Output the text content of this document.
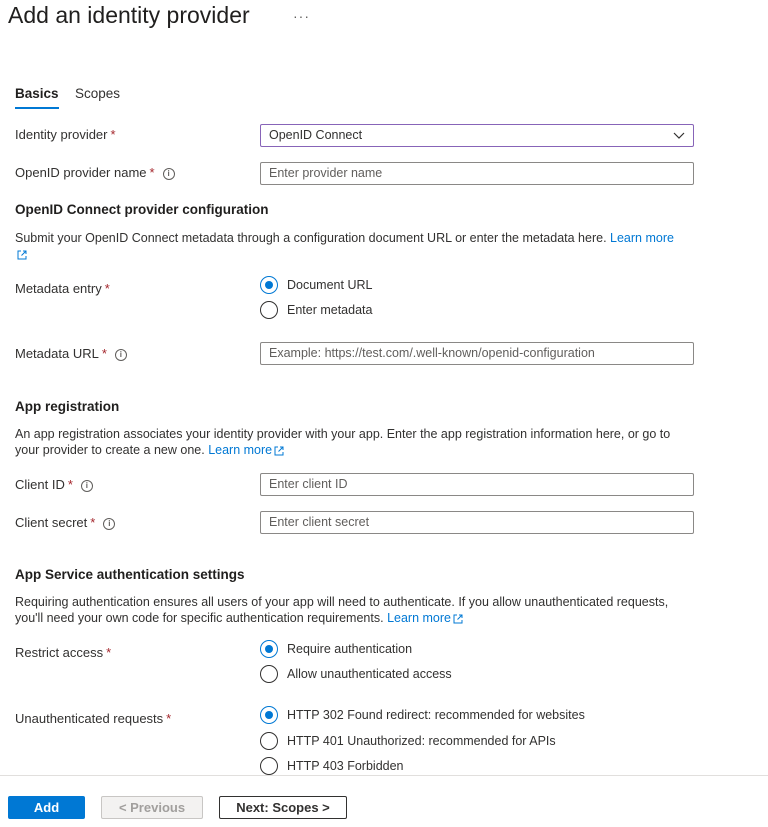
Add an identity provider	···
Basics Scopes
Identity provider *	OpenID Connect
OpenID provider name * i	Enter provider name
OpenID Connect provider configuration
Submit your OpenID Connect metadata through a configuration document URL or enter the metadata here. Learn more

Metadata entry *	Document URL
Enter metadata
Metadata URL * i	Example: https://test.com/.well-known/openid-configuration
App registration
An app registration associates your identity provider with your app. Enter the app registration information here, or go to your provider to create a new one. Learn more
Client ID * i	Enter client ID
Client secret * i	Enter client secret
App Service authentication settings
Requiring authentication ensures all users of your app will need to authenticate. If you allow unauthenticated requests, you'll need your own code for specific authentication requirements. Learn more
Restrict access *	Require authentication
Allow unauthenticated access
Unauthenticated requests *	HTTP 302 Found redirect: recommended for websites
HTTP 401 Unauthorized: recommended for APIs
HTTP 403 Forbidden
Add	< Previous	Next: Scopes >
